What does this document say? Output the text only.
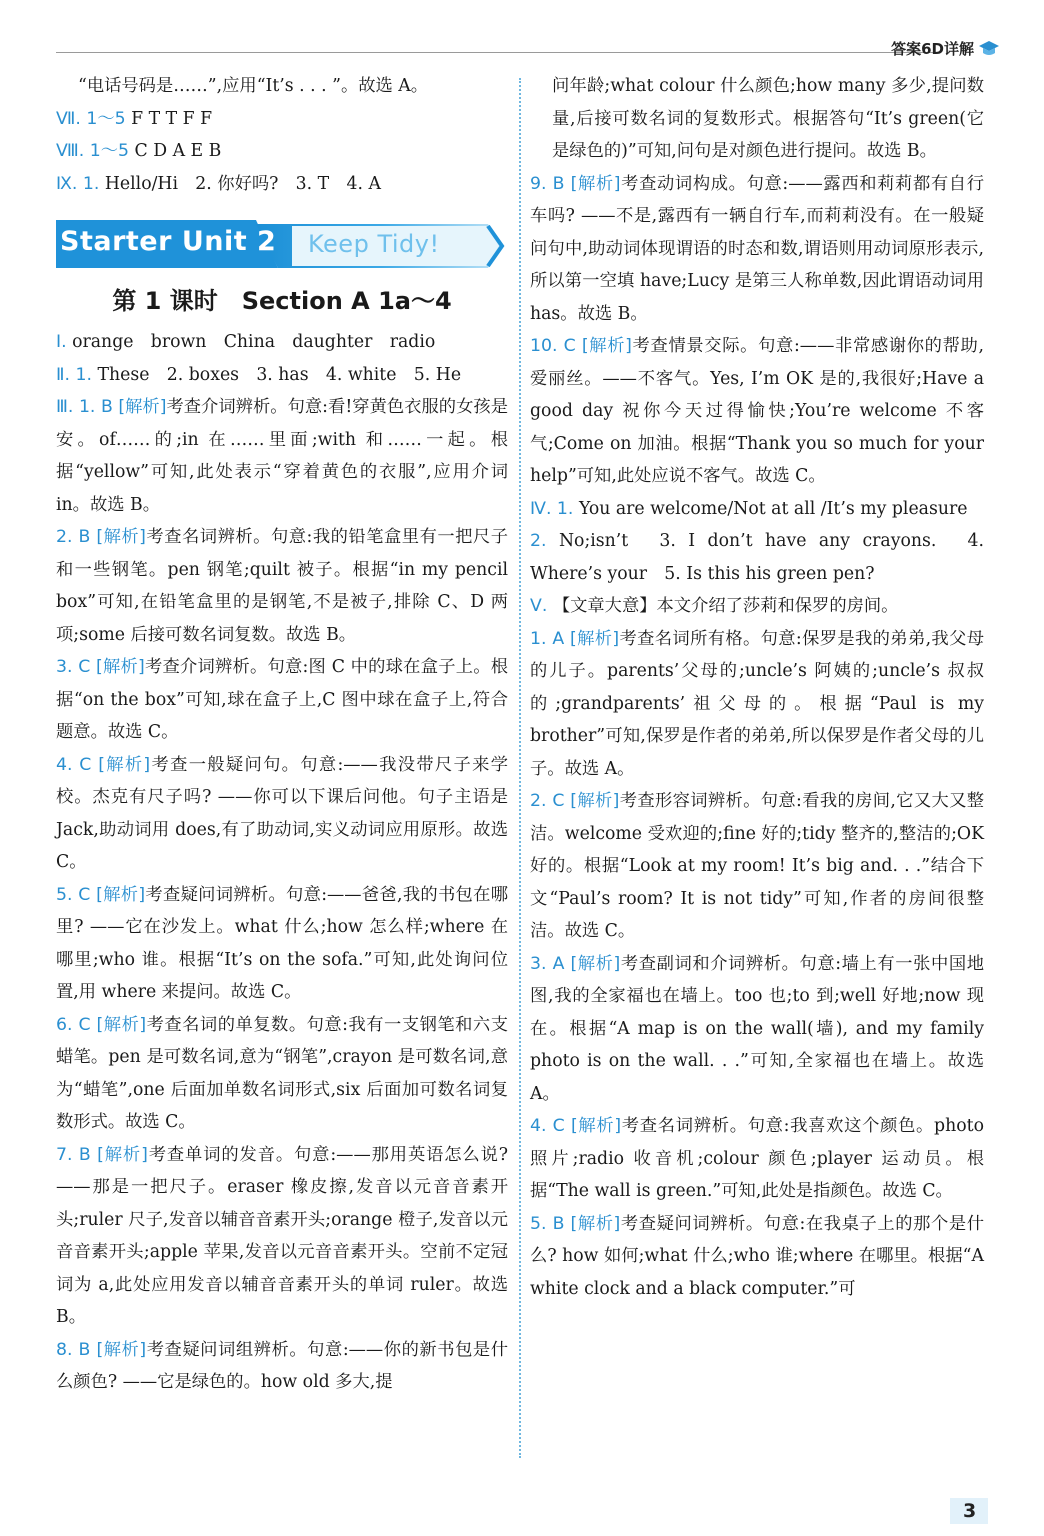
答案6D详解

“电话号码是……”,应用“It’s . . . ”。故选 A。

Ⅶ. 1～5 F T T F F

Ⅷ. 1～5 C D A E B

Ⅸ. 1. Hello/Hi　2. 你好吗?　3. T　4. A

Starter Unit 2 Keep Tidy!
第 1 课时　Section A 1a～4

Ⅰ. orange　brown　China　daughter　radio

Ⅱ. 1. These　2. boxes　3. has　4. white　5. He

Ⅲ. 1. B [解析]考查介词辨析。句意:看!穿黄色衣服的女孩是安。of……的;in 在……里面;with 和……一起。根据“yellow”可知,此处表示“穿着黄色的衣服”,应用介词 in。故选 B。

2. B [解析]考查名词辨析。句意:我的铅笔盒里有一把尺子和一些钢笔。pen 钢笔;quilt 被子。根据“in my pencil box”可知,在铅笔盒里的是钢笔,不是被子,排除 C、D 两项;some 后接可数名词复数。故选 B。

3. C [解析]考查介词辨析。句意:图 C 中的球在盒子上。根据“on the box”可知,球在盒子上,C 图中球在盒子上,符合题意。故选 C。

4. C [解析]考查一般疑问句。句意:——我没带尺子来学校。杰克有尺子吗? ——你可以下课后问他。句子主语是 Jack,助动词用 does,有了助动词,实义动词应用原形。故选 C。

5. C [解析]考查疑问词辨析。句意:——爸爸,我的书包在哪里? ——它在沙发上。what 什么;how 怎么样;where 在哪里;who 谁。根据“It’s on the sofa.”可知,此处询问位置,用 where 来提问。故选 C。

6. C [解析]考查名词的单复数。句意:我有一支钢笔和六支蜡笔。pen 是可数名词,意为“钢笔”,crayon 是可数名词,意为“蜡笔”,one 后面加单数名词形式,six 后面加可数名词复数形式。故选 C。

7. B [解析]考查单词的发音。句意:——那用英语怎么说? ——那是一把尺子。eraser 橡皮擦,发音以元音音素开头;ruler 尺子,发音以辅音音素开头;orange 橙子,发音以元音音素开头;apple 苹果,发音以元音音素开头。空前不定冠词为 a,此处应用发音以辅音音素开头的单词 ruler。故选 B。

8. B [解析]考查疑问词组辨析。句意:——你的新书包是什么颜色? ——它是绿色的。how old 多大,提

问年龄;what colour 什么颜色;how many 多少,提问数量,后接可数名词的复数形式。根据答句“It’s green(它是绿色的)”可知,问句是对颜色进行提问。故选 B。

9. B [解析]考查动词构成。句意:——露西和莉莉都有自行车吗? ——不是,露西有一辆自行车,而莉莉没有。在一般疑问句中,助动词体现谓语的时态和数,谓语则用动词原形表示,所以第一空填 have;Lucy 是第三人称单数,因此谓语动词用 has。故选 B。

10. C [解析]考查情景交际。句意:——非常感谢你的帮助,爱丽丝。——不客气。Yes, I’m OK 是的,我很好;Have a good day 祝你今天过得愉快;You’re welcome 不客气;Come on 加油。根据“Thank you so much for your help”可知,此处应说不客气。故选 C。

Ⅳ. 1. You are welcome/Not at all /It’s my pleasure

2. No;isn’t　3. I don’t have any crayons.　4. Where’s your　5. Is this his green pen?

Ⅴ. 【文章大意】本文介绍了莎莉和保罗的房间。

1. A [解析]考查名词所有格。句意:保罗是我的弟弟,我父母的儿子。parents’父母的;uncle’s 阿姨的;uncle’s 叔叔的;grandparents’祖父母的。根据“Paul is my brother”可知,保罗是作者的弟弟,所以保罗是作者父母的儿子。故选 A。

2. C [解析]考查形容词辨析。句意:看我的房间,它又大又整洁。welcome 受欢迎的;fine 好的;tidy 整齐的,整洁的;OK 好的。根据“Look at my room! It’s big and. . .”结合下文“Paul’s room? It is not tidy”可知,作者的房间很整洁。故选 C。

3. A [解析]考查副词和介词辨析。句意:墙上有一张中国地图,我的全家福也在墙上。too 也;to 到;well 好地;now 现在。根据“A map is on the wall(墙), and my family photo is on the wall. . .”可知,全家福也在墙上。故选 A。

4. C [解析]考查名词辨析。句意:我喜欢这个颜色。photo 照片;radio 收音机;colour 颜色;player 运动员。根据“The wall is green.”可知,此处是指颜色。故选 C。

5. B [解析]考查疑问词辨析。句意:在我桌子上的那个是什么? how 如何;what 什么;who 谁;where 在哪里。根据“A white clock and a black computer.”可

3
